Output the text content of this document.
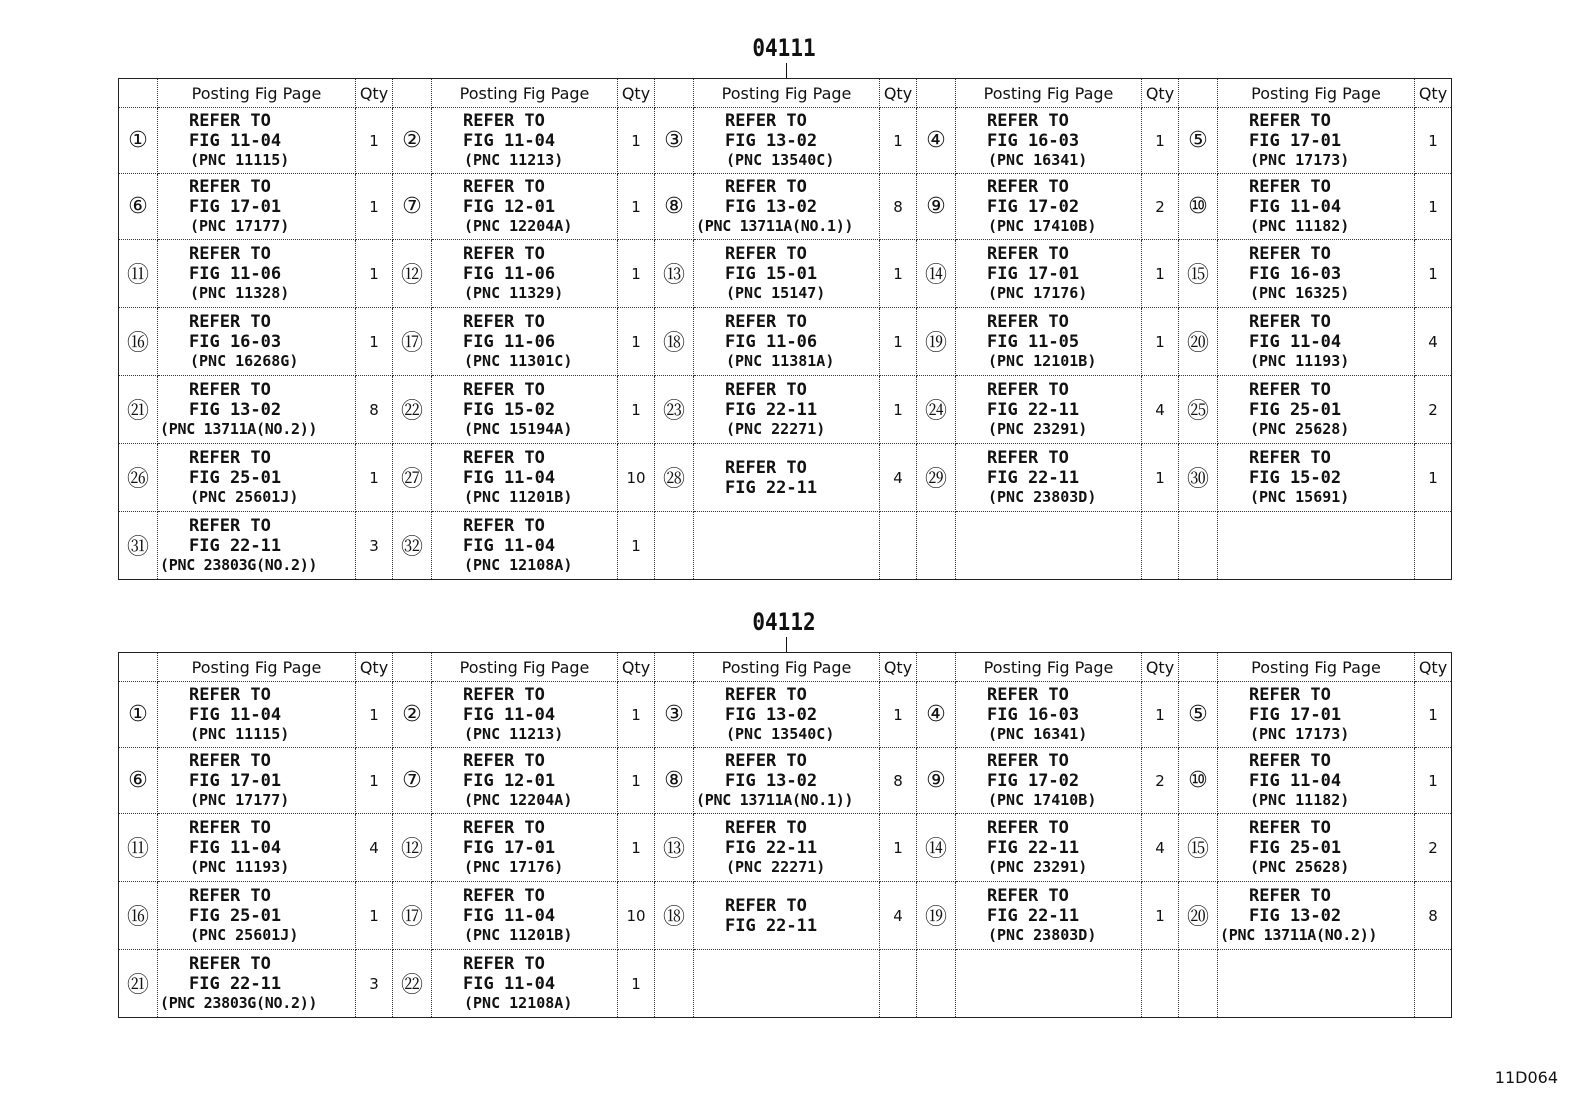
04111
	Posting Fig Page	Qty		Posting Fig Page	Qty		Posting Fig Page	Qty		Posting Fig Page	Qty		Posting Fig Page	Qty
①	REFER TO
FIG 11-04
(PNC 11115)	1	②	REFER TO
FIG 11-04
(PNC 11213)	1	③	REFER TO
FIG 13-02
(PNC 13540C)	1	④	REFER TO
FIG 16-03
(PNC 16341)	1	⑤	REFER TO
FIG 17-01
(PNC 17173)	1
⑥	REFER TO
FIG 17-01
(PNC 17177)	1	⑦	REFER TO
FIG 12-01
(PNC 12204A)	1	⑧	REFER TO
FIG 13-02
(PNC 13711A(NO.1))	8	⑨	REFER TO
FIG 17-02
(PNC 17410B)	2	⑩	REFER TO
FIG 11-04
(PNC 11182)	1
⑪	REFER TO
FIG 11-06
(PNC 11328)	1	⑫	REFER TO
FIG 11-06
(PNC 11329)	1	⑬	REFER TO
FIG 15-01
(PNC 15147)	1	⑭	REFER TO
FIG 17-01
(PNC 17176)	1	⑮	REFER TO
FIG 16-03
(PNC 16325)	1
⑯	REFER TO
FIG 16-03
(PNC 16268G)	1	⑰	REFER TO
FIG 11-06
(PNC 11301C)	1	⑱	REFER TO
FIG 11-06
(PNC 11381A)	1	⑲	REFER TO
FIG 11-05
(PNC 12101B)	1	⑳	REFER TO
FIG 11-04
(PNC 11193)	4
㉑	REFER TO
FIG 13-02
(PNC 13711A(NO.2))	8	㉒	REFER TO
FIG 15-02
(PNC 15194A)	1	㉓	REFER TO
FIG 22-11
(PNC 22271)	1	㉔	REFER TO
FIG 22-11
(PNC 23291)	4	㉕	REFER TO
FIG 25-01
(PNC 25628)	2
㉖	REFER TO
FIG 25-01
(PNC 25601J)	1	㉗	REFER TO
FIG 11-04
(PNC 11201B)	10	㉘	REFER TO
FIG 22-11	4	㉙	REFER TO
FIG 22-11
(PNC 23803D)	1	㉚	REFER TO
FIG 15-02
(PNC 15691)	1
㉛	REFER TO
FIG 22-11
(PNC 23803G(NO.2))	3	㉜	REFER TO
FIG 11-04
(PNC 12108A)	1									
04112
	Posting Fig Page	Qty		Posting Fig Page	Qty		Posting Fig Page	Qty		Posting Fig Page	Qty		Posting Fig Page	Qty
①	REFER TO
FIG 11-04
(PNC 11115)	1	②	REFER TO
FIG 11-04
(PNC 11213)	1	③	REFER TO
FIG 13-02
(PNC 13540C)	1	④	REFER TO
FIG 16-03
(PNC 16341)	1	⑤	REFER TO
FIG 17-01
(PNC 17173)	1
⑥	REFER TO
FIG 17-01
(PNC 17177)	1	⑦	REFER TO
FIG 12-01
(PNC 12204A)	1	⑧	REFER TO
FIG 13-02
(PNC 13711A(NO.1))	8	⑨	REFER TO
FIG 17-02
(PNC 17410B)	2	⑩	REFER TO
FIG 11-04
(PNC 11182)	1
⑪	REFER TO
FIG 11-04
(PNC 11193)	4	⑫	REFER TO
FIG 17-01
(PNC 17176)	1	⑬	REFER TO
FIG 22-11
(PNC 22271)	1	⑭	REFER TO
FIG 22-11
(PNC 23291)	4	⑮	REFER TO
FIG 25-01
(PNC 25628)	2
⑯	REFER TO
FIG 25-01
(PNC 25601J)	1	⑰	REFER TO
FIG 11-04
(PNC 11201B)	10	⑱	REFER TO
FIG 22-11	4	⑲	REFER TO
FIG 22-11
(PNC 23803D)	1	⑳	REFER TO
FIG 13-02
(PNC 13711A(NO.2))	8
㉑	REFER TO
FIG 22-11
(PNC 23803G(NO.2))	3	㉒	REFER TO
FIG 11-04
(PNC 12108A)	1									
11D064
